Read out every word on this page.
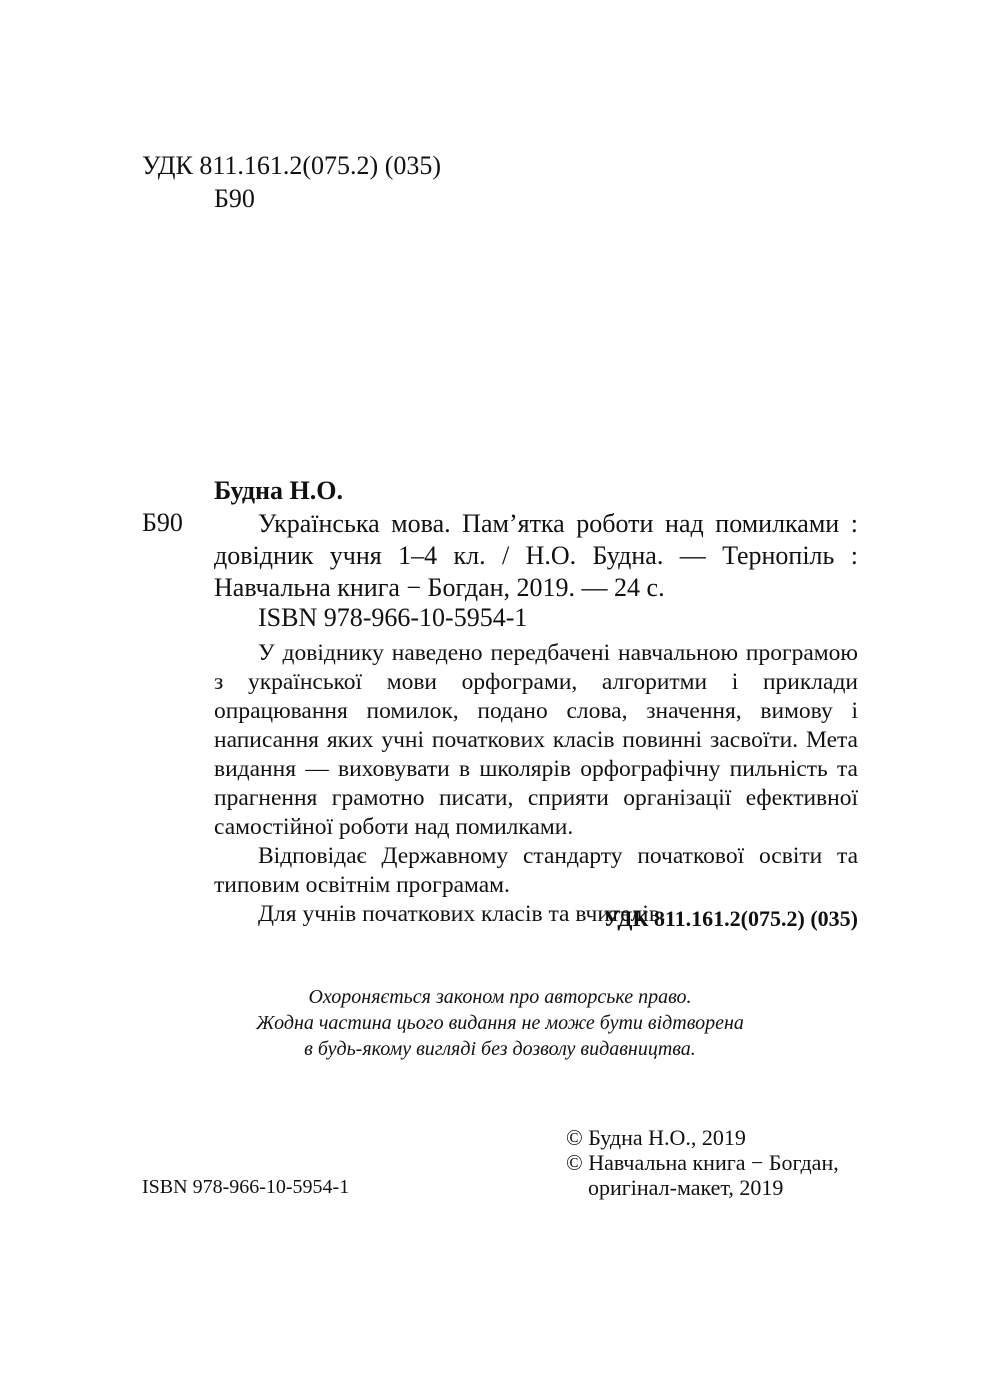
УДК 811.161.2(075.2) (035)
Б90
Будна Н.О.
Б90	Українська мова. Пам’ятка роботи над помилками : довідник учня 1–4 кл. / Н.О. Будна. — Тернопіль : Навчальна книга − Богдан, 2019. — 24 с.

ISBN 978-966-10-5954-1

У довіднику наведено передбачені навчальною програмою з української мови орфограми, алгоритми і приклади опрацювання помилок, подано слова, значення, вимову і написання яких учні початкових класів повинні засвоїти. Мета видання — виховувати в школярів орфографічну пильність та прагнення грамотно писати, сприяти організації ефективної самостійної роботи над помилками.

Відповідає Державному стандарту початкової освіти та типовим освітнім програмам.

Для учнів початкових класів та вчителів.

УДК 811.161.2(075.2) (035)
Охороняється законом про авторське право.
Жодна частина цього видання не може бути відтворена
в будь-якому вигляді без дозволу видавництва.
© Будна Н.О., 2019
© Навчальна книга − Богдан,
оригінал-макет, 2019
ISBN 978-966-10-5954-1
